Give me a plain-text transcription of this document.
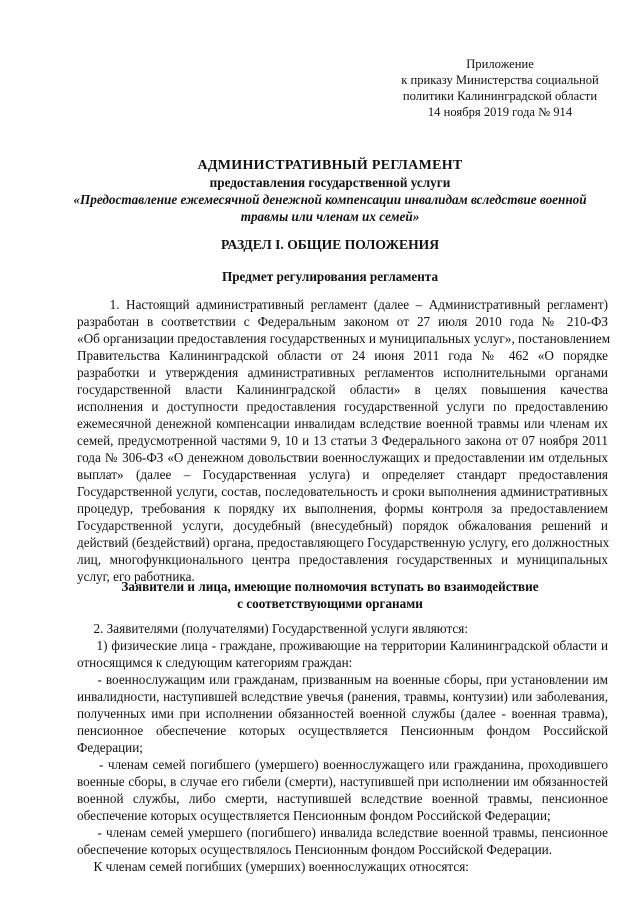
Приложение
к приказу Министерства социальной
политики Калининградской области
14 ноября 2019 года № 914
АДМИНИСТРАТИВНЫЙ РЕГЛАМЕНТ
предоставления государственной услуги
«Предоставление ежемесячной денежной компенсации инвалидам вследствие военной
травмы или членам их семей»
РАЗДЕЛ I. ОБЩИЕ ПОЛОЖЕНИЯ
Предмет регулирования регламента
1. Настоящий административный регламент (далее – Административный регламент)
разработан в соответствии с Федеральным законом от 27 июля 2010 года № 210-ФЗ
«Об организации предоставления государственных и муниципальных услуг», постановлением
Правительства Калининградской области от 24 июня 2011 года № 462 «О порядке
разработки и утверждения административных регламентов исполнительными органами
государственной власти Калининградской области» в целях повышения качества
исполнения и доступности предоставления государственной услуги по предоставлению
ежемесячной денежной компенсации инвалидам вследствие военной травмы или членам их
семей, предусмотренной частями 9, 10 и 13 статьи 3 Федерального закона от 07 ноября 2011
года № 306-ФЗ «О денежном довольствии военнослужащих и предоставлении им отдельных
выплат» (далее – Государственная услуга) и определяет стандарт предоставления
Государственной услуги, состав, последовательность и сроки выполнения административных
процедур, требования к порядку их выполнения, формы контроля за предоставлением
Государственной услуги, досудебный (внесудебный) порядок обжалования решений и
действий (бездействий) органа, предоставляющего Государственную услугу, его должностных
лиц, многофункционального центра предоставления государственных и муниципальных
услуг, его работника.
Заявители и лица, имеющие полномочия вступать во взаимодействие
с соответствующими органами
2. Заявителями (получателями) Государственной услуги являются:
1) физические лица - граждане, проживающие на территории Калининградской области и
относящимся к следующим категориям граждан:
- военнослужащим или гражданам, призванным на военные сборы, при установлении им
инвалидности, наступившей вследствие увечья (ранения, травмы, контузии) или заболевания,
полученных ими при исполнении обязанностей военной службы (далее - военная травма),
пенсионное обеспечение которых осуществляется Пенсионным фондом Российской
Федерации;
- членам семей погибшего (умершего) военнослужащего или гражданина, проходившего
военные сборы, в случае его гибели (смерти), наступившей при исполнении им обязанностей
военной службы, либо смерти, наступившей вследствие военной травмы, пенсионное
обеспечение которых осуществляется Пенсионным фондом Российской Федерации;
- членам семей умершего (погибшего) инвалида вследствие военной травмы, пенсионное
обеспечение которых осуществлялось Пенсионным фондом Российской Федерации.
К членам семей погибших (умерших) военнослужащих относятся:
